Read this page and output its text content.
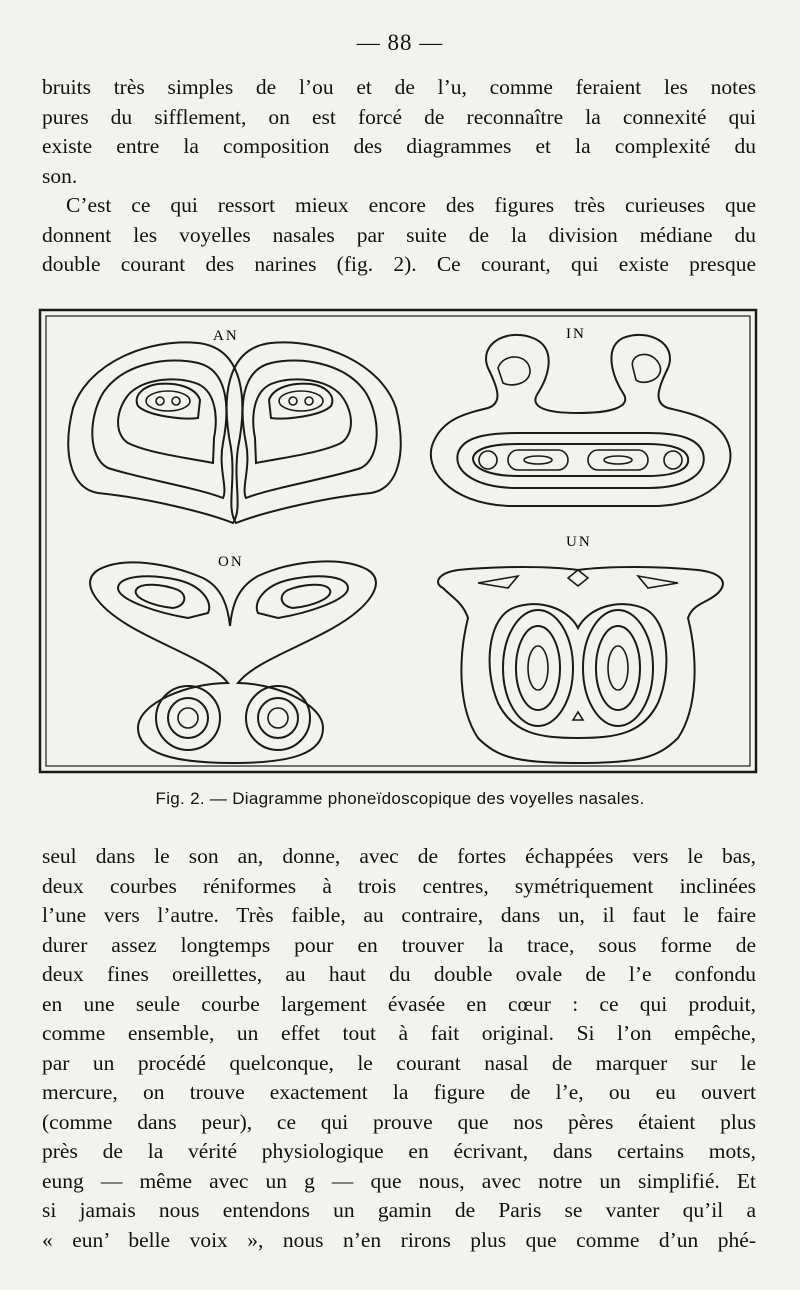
— 88 —

bruits très simples de l’ou et de l’u, comme feraient les notes

pures du sifflement, on est forcé de reconnaître la connexité qui

existe entre la composition des diagrammes et la complexité du

son.

C’est ce qui ressort mieux encore des figures très curieuses que

donnent les voyelles nasales par suite de la division médiane du

double courant des narines (fig. 2). Ce courant, qui existe presque

AN	IN
ON
UN
Fig. 2. — Diagramme phoneïdoscopique des voyelles nasales.

seul dans le son an, donne, avec de fortes échappées vers le bas,

deux courbes réniformes à trois centres, symétriquement inclinées

l’une vers l’autre. Très faible, au contraire, dans un, il faut le faire

durer assez longtemps pour en trouver la trace, sous forme de

deux fines oreillettes, au haut du double ovale de l’e confondu

en une seule courbe largement évasée en cœur : ce qui produit,

comme ensemble, un effet tout à fait original. Si l’on empêche,

par un procédé quelconque, le courant nasal de marquer sur le

mercure, on trouve exactement la figure de l’e, ou eu ouvert

(comme dans peur), ce qui prouve que nos pères étaient plus

près de la vérité physiologique en écrivant, dans certains mots,

eung — même avec un g — que nous, avec notre un simplifié. Et

si jamais nous entendons un gamin de Paris se vanter qu’il a

« eun’ belle voix », nous n’en rirons plus que comme d’un phé-
